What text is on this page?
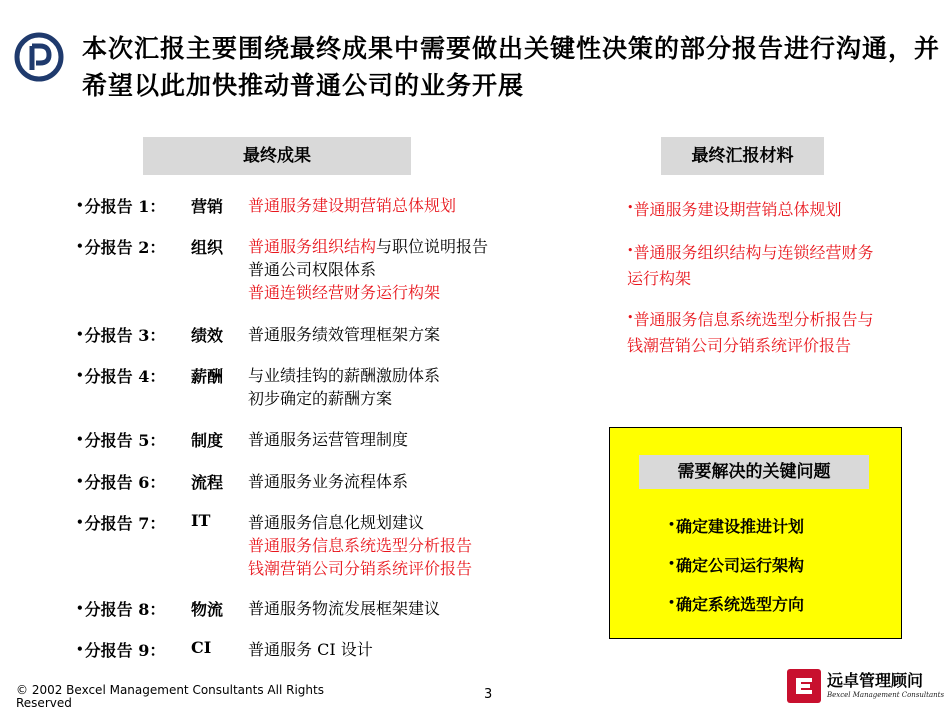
本次汇报主要围绕最终成果中需要做出关键性决策的部分报告进行沟通，并希望以此加快推动普通公司的业务开展
最终成果	最终汇报材料
•分报告 1： 营销 普通服务建设期营销总体规划
•分报告 2： 组织 普通服务组织结构与职位说明报告
普通公司权限体系
普通连锁经营财务运行构架
•分报告 3： 绩效 普通服务绩效管理框架方案
•分报告 4： 薪酬 与业绩挂钩的薪酬激励体系
初步确定的薪酬方案
•分报告 5： 制度 普通服务运营管理制度
•分报告 6： 流程 普通服务业务流程体系
•分报告 7： IT 普通服务信息化规划建议
普通服务信息系统选型分析报告
钱潮营销公司分销系统评价报告
•分报告 8： 物流 普通服务物流发展框架建议
•分报告 9： CI 普通服务 CI 设计
•普通服务建设期营销总体规划
•普通服务组织结构与连锁经营财务运行构架
•普通服务信息系统选型分析报告与钱潮营销公司分销系统评价报告
需要解决的关键问题
•确定建设推进计划
•确定公司运行架构
•确定系统选型方向
© 2002 Bexcel Management Consultants All Rights Reserved
3
远卓管理顾问
Bexcel Management Consultants
